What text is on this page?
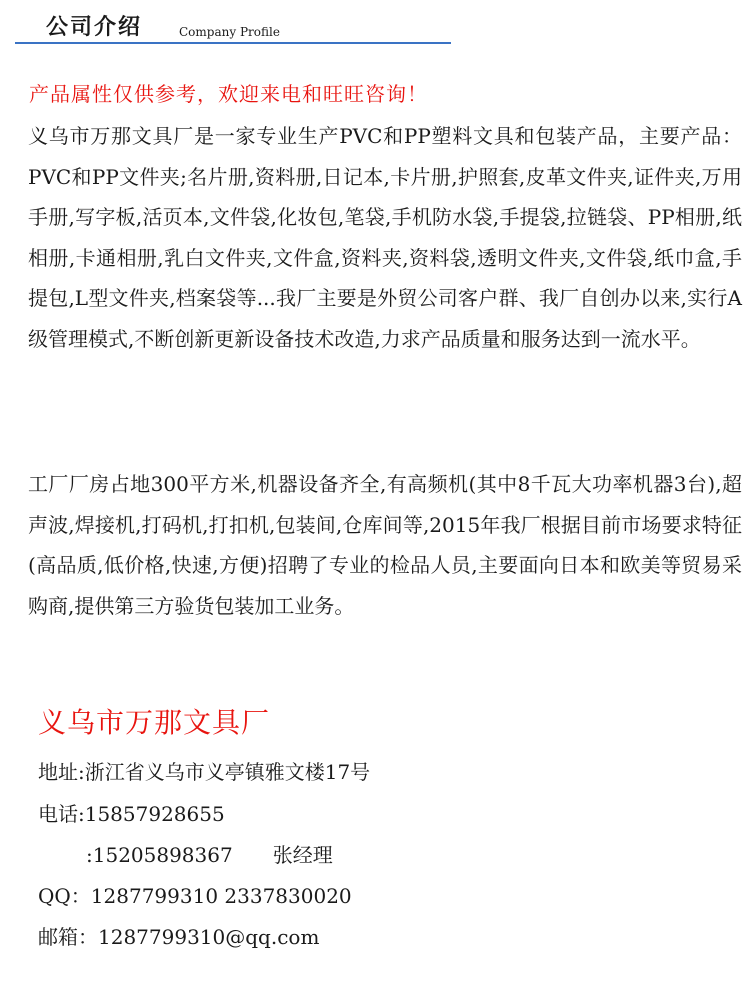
公司介绍	Company Profile
产品属性仅供参考，欢迎来电和旺旺咨询！
义乌市万那文具厂是一家专业生产PVC和PP塑料文具和包装产品，主要产品：PVC和PP文件夹;名片册,资料册,日记本,卡片册,护照套,皮革文件夹,证件夹,万用手册,写字板,活页本,文件袋,化妆包,笔袋,手机防水袋,手提袋,拉链袋、PP相册,纸相册,卡通相册,乳白文件夹,文件盒,资料夹,资料袋,透明文件夹,文件袋,纸巾盒,手提包,L型文件夹,档案袋等...我厂主要是外贸公司客户群、我厂自创办以来,实行A级管理模式,不断创新更新设备技术改造,力求产品质量和服务达到一流水平。
工厂厂房占地300平方米,机器设备齐全,有高频机(其中8千瓦大功率机器3台),超声波,焊接机,打码机,打扣机,包装间,仓库间等,2015年我厂根据目前市场要求特征(高品质,低价格,快速,方便)招聘了专业的检品人员,主要面向日本和欧美等贸易采购商,提供第三方验货包装加工业务。
义乌市万那文具厂
地址:浙江省义乌市义亭镇雅文楼17号
电话:15857928655
:15205898367 张经理
QQ：1287799310 2337830020
邮箱：1287799310@qq.com
